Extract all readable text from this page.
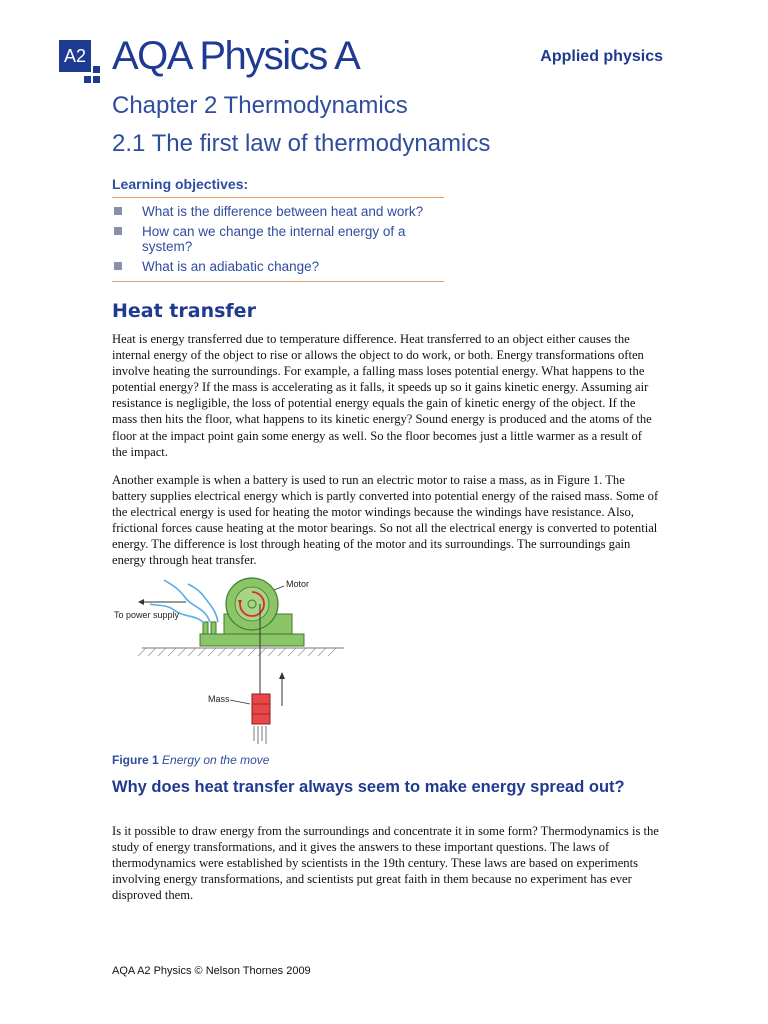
A2 AQA Physics A	Applied physics
Chapter 2 Thermodynamics
2.1 The first law of thermodynamics
Learning objectives:
What is the difference between heat and work?
How can we change the internal energy of a system?
What is an adiabatic change?
Heat transfer

Heat is energy transferred due to temperature difference. Heat transferred to an object either causes the internal energy of the object to rise or allows the object to do work, or both. Energy transformations often involve heating the surroundings. For example, a falling mass loses potential energy. What happens to the potential energy? If the mass is accelerating as it falls, it speeds up so it gains kinetic energy. Assuming air resistance is negligible, the loss of potential energy equals the gain of kinetic energy of the object. If the mass then hits the floor, what happens to its kinetic energy? Sound energy is produced and the atoms of the floor at the impact point gain some energy as well. So the floor becomes just a little warmer as a result of the impact.

Another example is when a battery is used to run an electric motor to raise a mass, as in Figure 1. The battery supplies electrical energy which is partly converted into potential energy of the raised mass. Some of the electrical energy is used for heating the motor windings because the windings have resistance. Also, frictional forces cause heating at the motor bearings. So not all the electrical energy is converted to potential energy. The difference is lost through heating of the motor and its surroundings. The surroundings gain energy through heat transfer.

To power supply
Motor
Mass
Figure 1 Energy on the move
Why does heat transfer always seem to make energy spread out?

Is it possible to draw energy from the surroundings and concentrate it in some form? Thermodynamics is the study of energy transformations, and it gives the answers to these important questions. The laws of thermodynamics were established by scientists in the 19th century. These laws are based on experiments involving energy transformations, and scientists put great faith in them because no experiment has ever disproved them.

AQA A2 Physics © Nelson Thornes 2009
